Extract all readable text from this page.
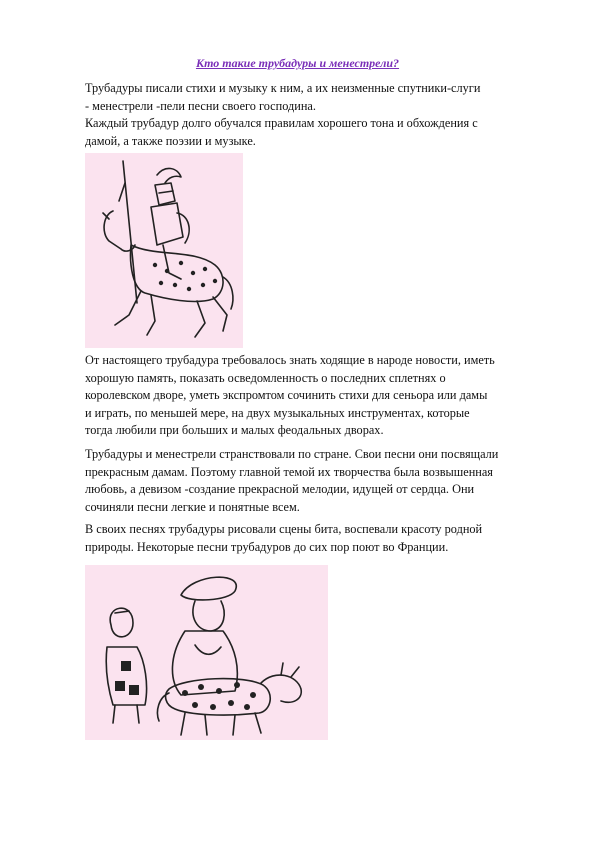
Кто такие трубадуры и менестрели?

Трубадуры писали стихи и музыку к ним, а их неизменные спутники-слуги
- менестрели -пели песни своего господина.
Каждый трубадур долго обучался правилам хорошего тона и обхождения с
дамой, а также поэзии и музыке.

От настоящего трубадура требовалось знать ходящие в народе новости, иметь
хорошую память, показать осведомленность о последних сплетнях о
королевском дворе, уметь экспромтом сочинить стихи для сеньора или дамы
и играть, по меньшей мере, на двух музыкальных инструментах, которые
тогда любили при больших и малых феодальных дворах.

Трубадуры и менестрели странствовали по стране. Свои песни они посвящали
прекрасным дамам. Поэтому главной темой их творчества была возвышенная
любовь, а девизом -создание прекрасной мелодии, идущей от сердца. Они
сочиняли песни легкие и понятные всем.

В своих песнях трубадуры рисовали сцены бита, воспевали красоту родной
природы. Некоторые песни трубадуров до сих пор поют во Франции.
